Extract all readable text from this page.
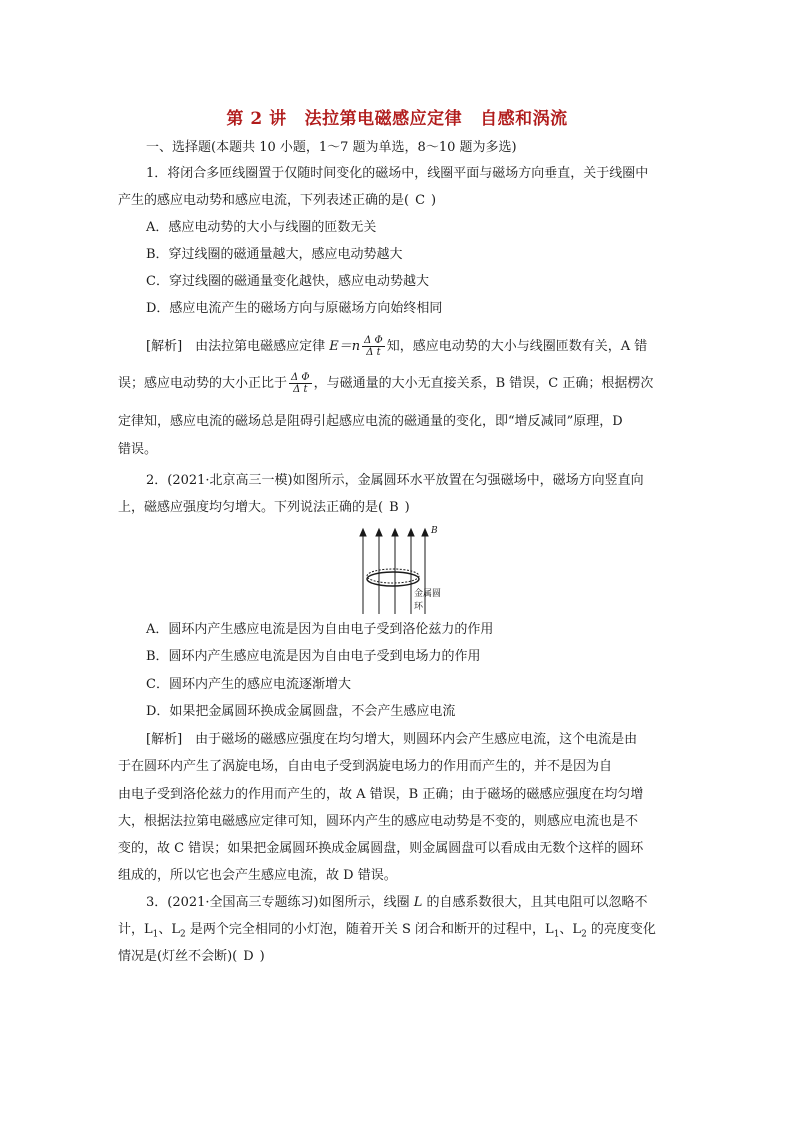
第 2 讲 法拉第电磁感应定律 自感和涡流
一、选择题(本题共 10 小题，1～7 题为单选，8～10 题为多选)
1．将闭合多匝线圈置于仅随时间变化的磁场中，线圈平面与磁场方向垂直，关于线圈中
产生的感应电动势和感应电流，下列表述正确的是( C )
A．感应电动势的大小与线圈的匝数无关
B．穿过线圈的磁通量越大，感应电动势越大
C．穿过线圈的磁通量变化越快，感应电动势越大
D．感应电流产生的磁场方向与原磁场方向始终相同
[解析]　由法拉第电磁感应定律 $E=n \frac{\text{Δ Φ}}{\text{Δ t}}$ 知，感应电动势的大小与线圈匝数有关，A 错
误；感应电动势的大小正比于 $\frac{\text{Δ Φ}}{\text{Δ t}}$ ，与磁通量的大小无直接关系，B 错误，C 正确；根据楞次
定律知，感应电流的磁场总是阻碍引起感应电流的磁通量的变化，即“增反减同”原理，D
错误。
2．(2021·北京高三一模)如图所示，金属圆环水平放置在匀强磁场中，磁场方向竖直向
上，磁感应强度均匀增大。下列说法正确的是( B )
B
金属圆环
A．圆环内产生感应电流是因为自由电子受到洛伦兹力的作用
B．圆环内产生感应电流是因为自由电子受到电场力的作用
C．圆环内产生的感应电流逐渐增大
D．如果把金属圆环换成金属圆盘，不会产生感应电流
[解析]　由于磁场的磁感应强度在均匀增大，则圆环内会产生感应电流，这个电流是由
于在圆环内产生了涡旋电场，自由电子受到涡旋电场力的作用而产生的，并不是因为自
由电子受到洛伦兹力的作用而产生的，故 A 错误，B 正确；由于磁场的磁感应强度在均匀增
大，根据法拉第电磁感应定律可知，圆环内产生的感应电动势是不变的，则感应电流也是不
变的，故 C 错误；如果把金属圆环换成金属圆盘，则金属圆盘可以看成由无数个这样的圆环
组成的，所以它也会产生感应电流，故 D 错误。
3．(2021·全国高三专题练习)如图所示，线圈 L 的自感系数很大，且其电阻可以忽略不
计，$L_1$、$L_2$ 是两个完全相同的小灯泡，随着开关 S 闭合和断开的过程中，$L_1$、$L_2$ 的亮度变化
情况是(灯丝不会断)( D )
